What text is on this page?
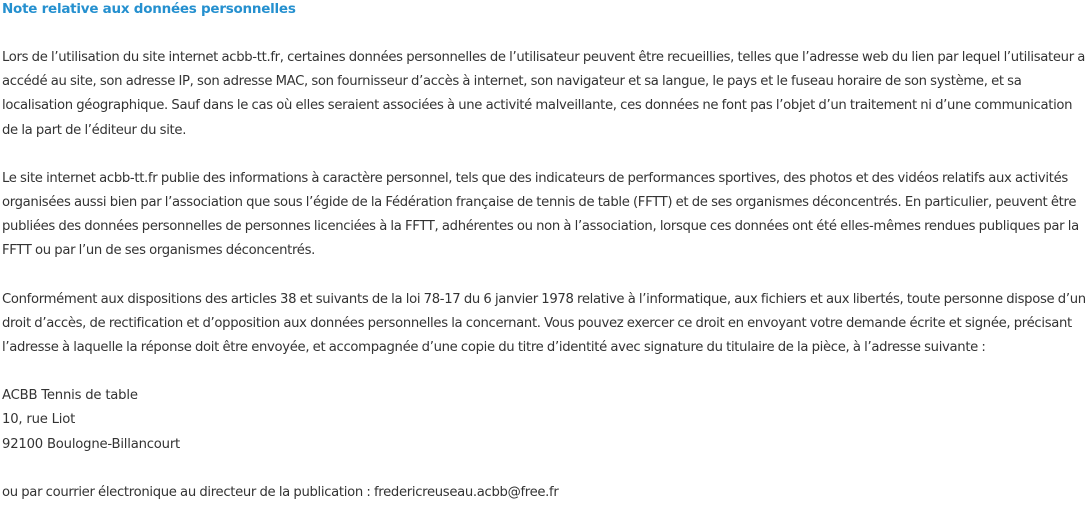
Note relative aux données personnelles

Lors de l’utilisation du site internet acbb-tt.fr, certaines données personnelles de l’utilisateur peuvent être recueillies, telles que l’adresse web du lien par lequel l’utilisateur a accédé au site, son adresse IP, son adresse MAC, son fournisseur d’accès à internet, son navigateur et sa langue, le pays et le fuseau horaire de son système, et sa localisation géographique. Sauf dans le cas où elles seraient associées à une activité malveillante, ces données ne font pas l’objet d’un traitement ni d’une communication de la part de l’éditeur du site.

Le site internet acbb-tt.fr publie des informations à caractère personnel, tels que des indicateurs de performances sportives, des photos et des vidéos relatifs aux activités organisées aussi bien par l’association que sous l’égide de la Fédération française de tennis de table (FFTT) et de ses organismes déconcentrés. En particulier, peuvent être publiées des données personnelles de personnes licenciées à la FFTT, adhérentes ou non à l’association, lorsque ces données ont été elles-mêmes rendues publiques par la FFTT ou par l’un de ses organismes déconcentrés.

Conformément aux dispositions des articles 38 et suivants de la loi 78-17 du 6 janvier 1978 relative à l’informatique, aux fichiers et aux libertés, toute personne dispose d’un droit d’accès, de rectification et d’opposition aux données personnelles la concernant. Vous pouvez exercer ce droit en envoyant votre demande écrite et signée, précisant l’adresse à laquelle la réponse doit être envoyée, et accompagnée d’une copie du titre d’identité avec signature du titulaire de la pièce, à l’adresse suivante :

ACBB Tennis de table
10, rue Liot
92100 Boulogne-Billancourt

ou par courrier électronique au directeur de la publication : fredericreuseau.acbb@free.fr
